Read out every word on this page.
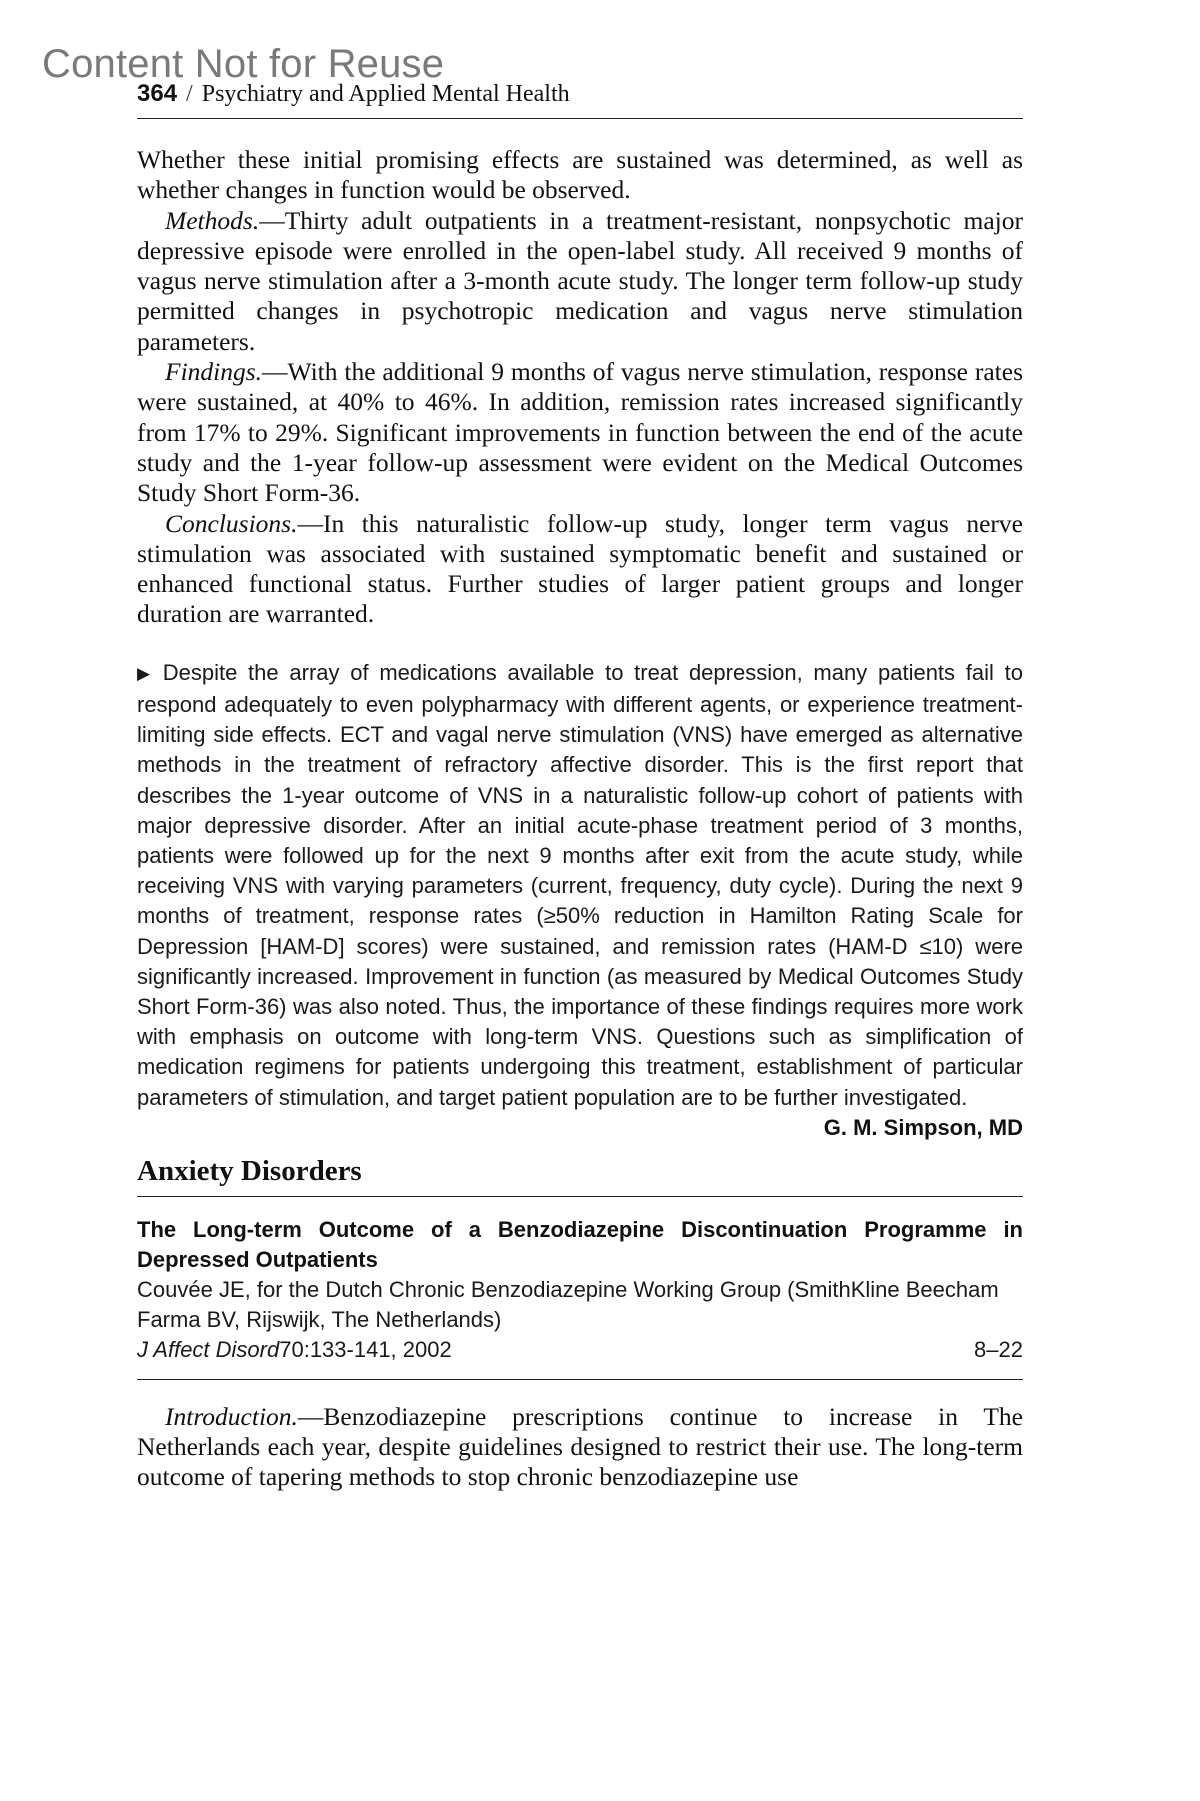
Content Not for Reuse
364 / Psychiatry and Applied Mental Health

Whether these initial promising effects are sustained was determined, as well as whether changes in function would be observed.

Methods.—Thirty adult outpatients in a treatment-resistant, nonpsychotic major depressive episode were enrolled in the open-label study. All received 9 months of vagus nerve stimulation after a 3-month acute study. The longer term follow-up study permitted changes in psychotropic medication and vagus nerve stimulation parameters.

Findings.—With the additional 9 months of vagus nerve stimulation, response rates were sustained, at 40% to 46%. In addition, remission rates increased significantly from 17% to 29%. Significant improvements in function between the end of the acute study and the 1-year follow-up assessment were evident on the Medical Outcomes Study Short Form-36.

Conclusions.—In this naturalistic follow-up study, longer term vagus nerve stimulation was associated with sustained symptomatic benefit and sustained or enhanced functional status. Further studies of larger patient groups and longer duration are warranted.

▶ Despite the array of medications available to treat depression, many patients fail to respond adequately to even polypharmacy with different agents, or experience treatment-limiting side effects. ECT and vagal nerve stimulation (VNS) have emerged as alternative methods in the treatment of refractory affective disorder. This is the first report that describes the 1-year outcome of VNS in a naturalistic follow-up cohort of patients with major depressive disorder. After an initial acute-phase treatment period of 3 months, patients were followed up for the next 9 months after exit from the acute study, while receiving VNS with varying parameters (current, frequency, duty cycle). During the next 9 months of treatment, response rates (≥50% reduction in Hamilton Rating Scale for Depression [HAM-D] scores) were sustained, and remission rates (HAM-D ≤10) were significantly increased. Improvement in function (as measured by Medical Outcomes Study Short Form-36) was also noted. Thus, the importance of these findings requires more work with emphasis on outcome with long-term VNS. Questions such as simplification of medication regimens for patients undergoing this treatment, establishment of particular parameters of stimulation, and target patient population are to be further investigated.

G. M. Simpson, MD
Anxiety Disorders
The Long-term Outcome of a Benzodiazepine Discontinuation Programme in Depressed Outpatients
Couvée JE, for the Dutch Chronic Benzodiazepine Working Group (SmithKline Beecham Farma BV, Rijswijk, The Netherlands)
J Affect Disord70:133-141, 2002	8–22

Introduction.—Benzodiazepine prescriptions continue to increase in The Netherlands each year, despite guidelines designed to restrict their use. The long-term outcome of tapering methods to stop chronic benzodiazepine use
